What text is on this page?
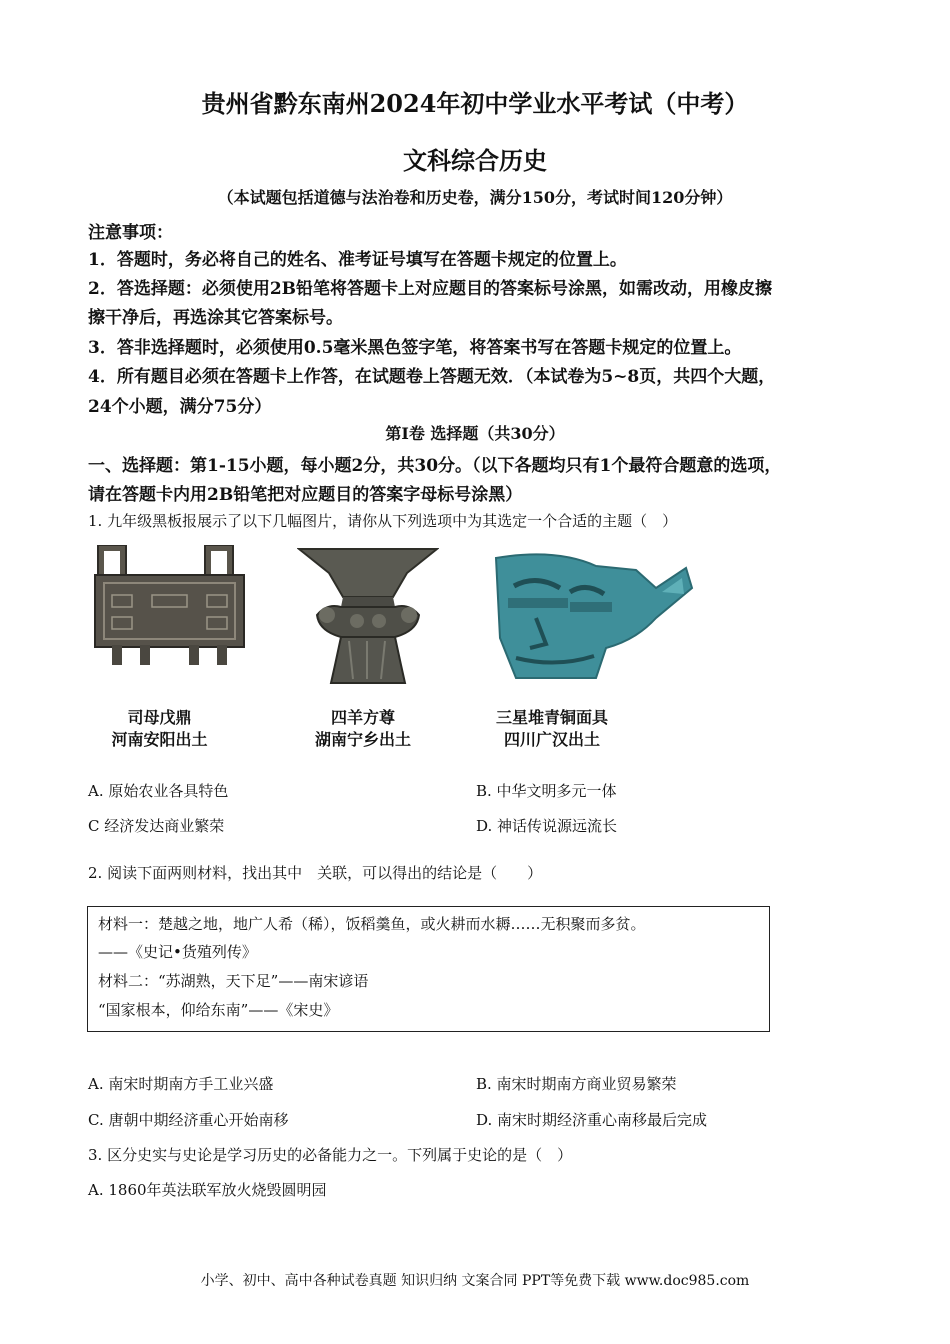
贵州省黔东南州2024年初中学业水平考试（中考）
文科综合历史
（本试题包括道德与法治卷和历史卷，满分150分，考试时间120分钟）
注意事项：
1．答题时，务必将自己的姓名、准考证号填写在答题卡规定的位置上。
2．答选择题：必须使用2B铅笔将答题卡上对应题目的答案标号涂黑，如需改动，用橡皮擦
擦干净后，再选涂其它答案标号。
3．答非选择题时，必须使用0.5毫米黑色签字笔，将答案书写在答题卡规定的位置上。
4．所有题目必须在答题卡上作答，在试题卷上答题无效．（本试卷为5~8页，共四个大题，
24个小题，满分75分）
第Ⅰ卷 选择题（共30分）
一、选择题：第1-15小题，每小题2分，共30分。（以下各题均只有1个最符合题意的选项，
请在答题卡内用2B铅笔把对应题目的答案字母标号涂黑）
1. 九年级黑板报展示了以下几幅图片，请你从下列选项中为其选定一个合适的主题（　）
司母戊鼎
河南安阳出土
四羊方尊
湖南宁乡出土
三星堆青铜面具
四川广汉出土
A. 原始农业各具特色	B. 中华文明多元一体
C 经济发达商业繁荣	D. 神话传说源远流长
2. 阅读下面两则材料，找出其中　关联，可以得出的结论是（　　）
材料一：楚越之地，地广人希（稀），饭稻羹鱼，或火耕而水耨……无积聚而多贫。
——《史记•货殖列传》
材料二：“苏湖熟，天下足”——南宋谚语
“国家根本，仰给东南”——《宋史》
A. 南宋时期南方手工业兴盛	B. 南宋时期南方商业贸易繁荣
C. 唐朝中期经济重心开始南移	D. 南宋时期经济重心南移最后完成
3. 区分史实与史论是学习历史的必备能力之一。下列属于史论的是（　）
A. 1860年英法联军放火烧毁圆明园
小学、初中、高中各种试卷真题 知识归纳 文案合同 PPT等免费下载 www.doc985.com
